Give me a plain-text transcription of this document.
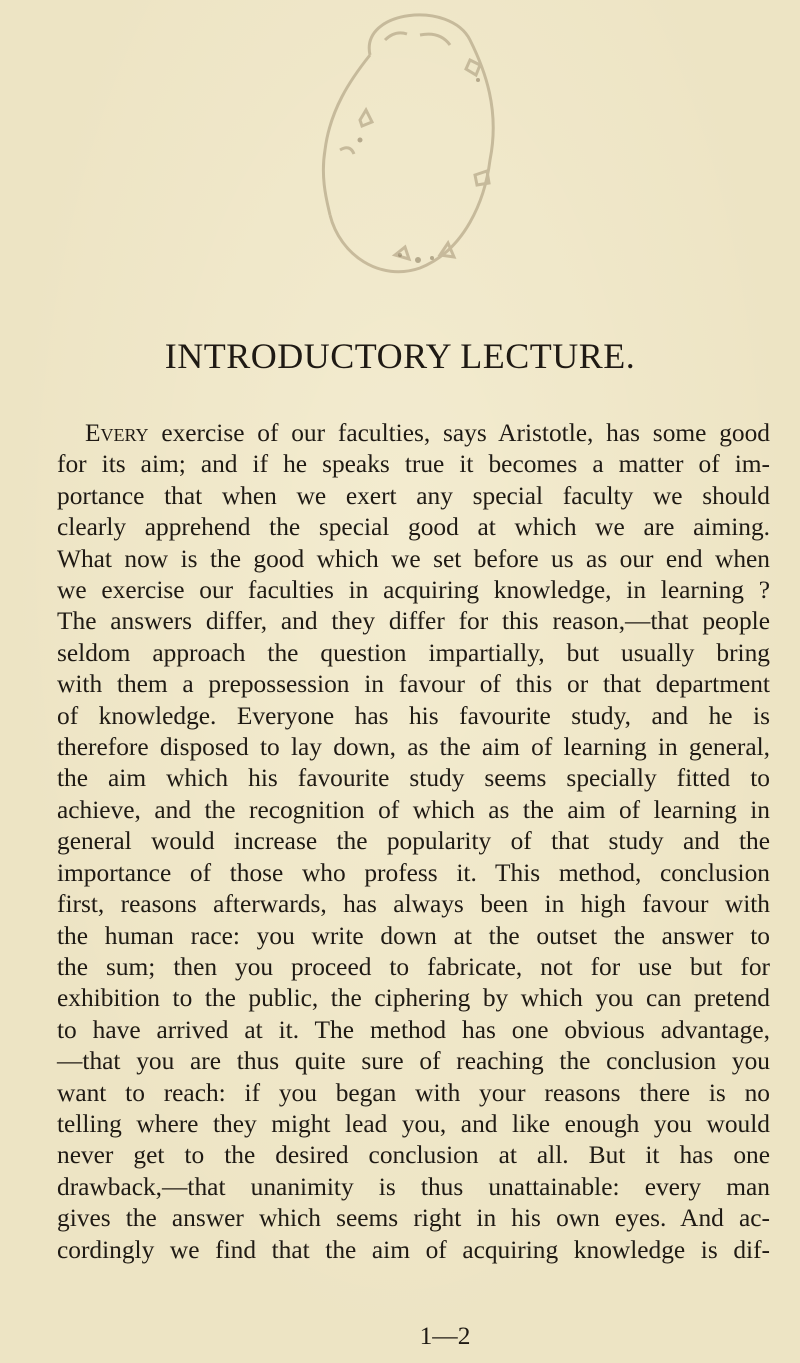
INTRODUCTORY LECTURE.
Every exercise of our faculties, says Aristotle, has some good
for its aim; and if he speaks true it becomes a matter of im-
portance that when we exert any special faculty we should
clearly apprehend the special good at which we are aiming.
What now is the good which we set before us as our end when
we exercise our faculties in acquiring knowledge, in learning ?
The answers differ, and they differ for this reason,—that people
seldom approach the question impartially, but usually bring
with them a prepossession in favour of this or that department
of knowledge. Everyone has his favourite study, and he is
therefore disposed to lay down, as the aim of learning in general,
the aim which his favourite study seems specially fitted to
achieve, and the recognition of which as the aim of learning in
general would increase the popularity of that study and the
importance of those who profess it. This method, conclusion
first, reasons afterwards, has always been in high favour with
the human race: you write down at the outset the answer to
the sum; then you proceed to fabricate, not for use but for
exhibition to the public, the ciphering by which you can pretend
to have arrived at it. The method has one obvious advantage,
—that you are thus quite sure of reaching the conclusion you
want to reach: if you began with your reasons there is no
telling where they might lead you, and like enough you would
never get to the desired conclusion at all. But it has one
drawback,—that unanimity is thus unattainable: every man
gives the answer which seems right in his own eyes. And ac-
cordingly we find that the aim of acquiring knowledge is dif-
1—2
